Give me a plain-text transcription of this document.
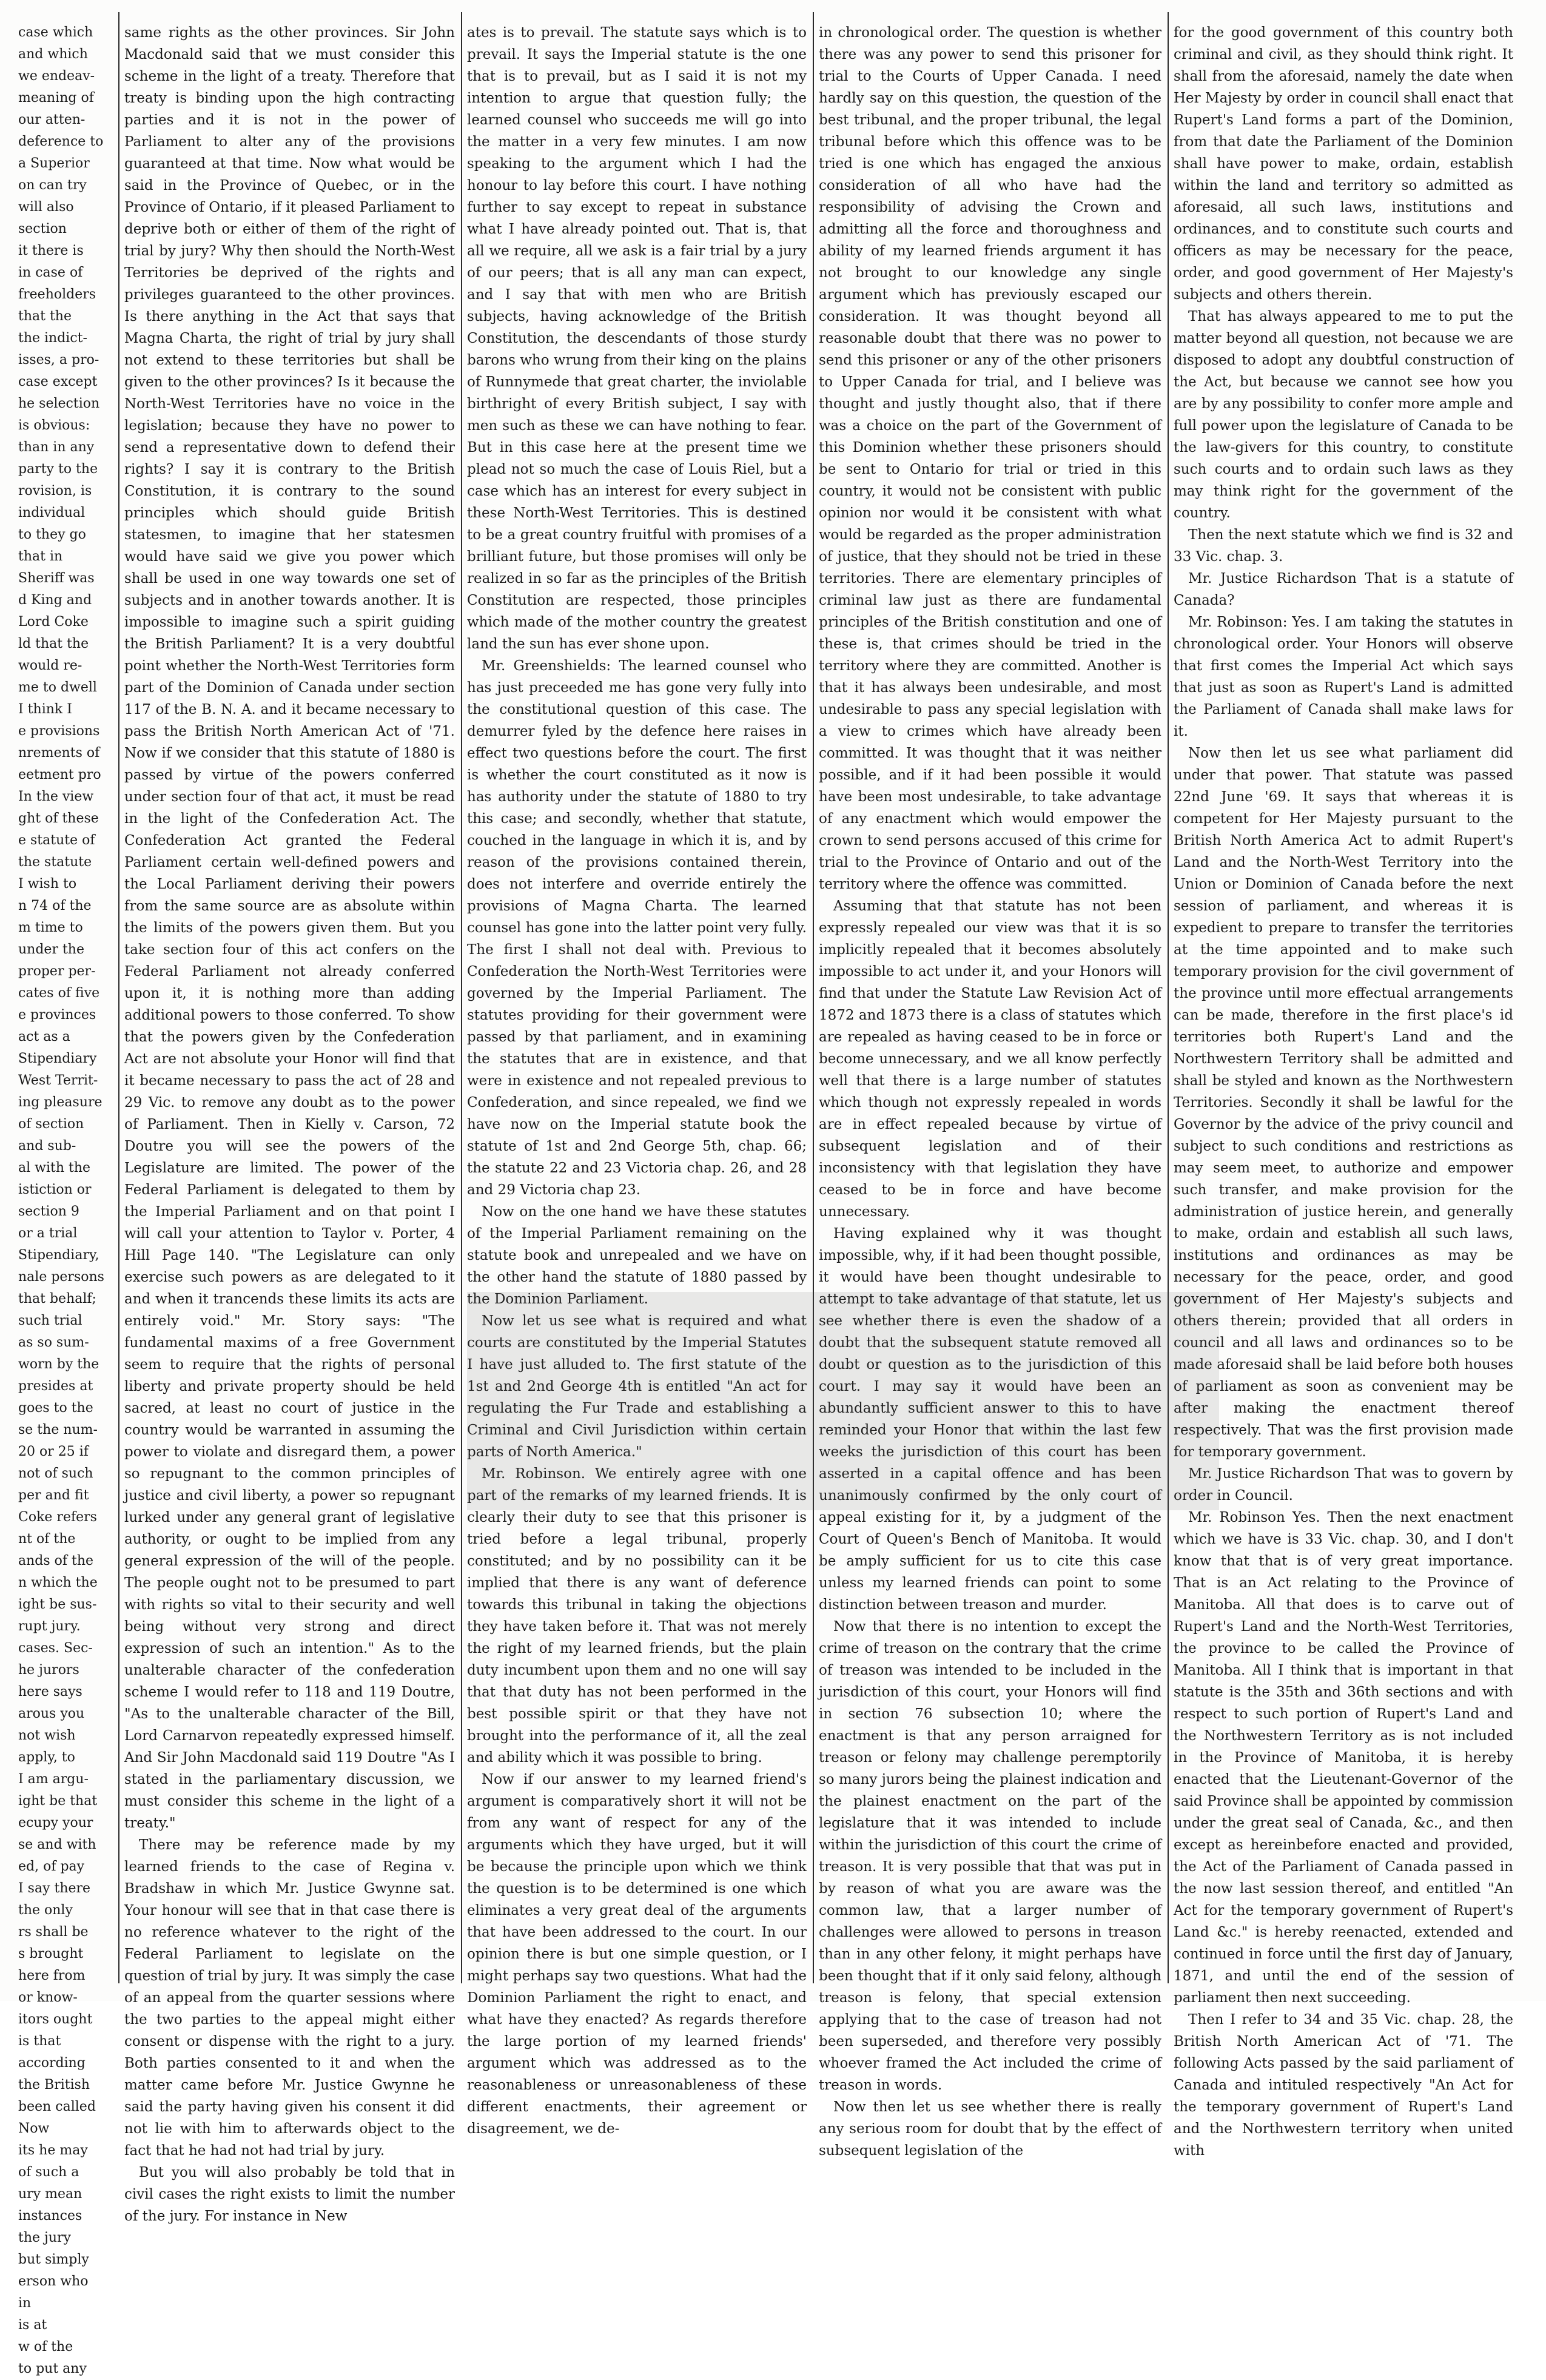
case which
and which
we endeav-
meaning of
our atten-
deference to
a Superior
on can try
will also
section
it there is
in case of
freeholders
that the
the indict-
isses, a pro-
case except
he selection
is obvious:
than in any
party to the
rovision, is
individual
to they go
that in
Sheriff was
d King and
Lord Coke
ld that the
would re-
me to dwell
I think I
e provisions
nrements of
eetment pro
In the view
ght of these
e statute of
the statute
I wish to
n 74 of the
m time to
under the
proper per-
cates of five
e provinces
act as a
Stipendiary
West Territ-
ing pleasure
of section
and sub-
al with the
istiction or
section 9
or a trial
Stipendiary,
nale persons
that behalf;
such trial
as so sum-
worn by the
presides at
goes to the
se the num-
20 or 25 if
not of such
per and fit
Coke refers
nt of the
ands of the
n which the
ight be sus-
rupt jury.
cases. Sec-
he jurors
here says
arous you
not wish
apply, to
I am argu-
ight be that
ecupy your
se and with
ed, of pay
I say there
the only
rs shall be
s brought
here from
or know-
itors ought
is that
according
the British
been called
Now
its he may
of such a
ury mean
instances
the jury
but simply
erson who
in
is at
w of the
to put any

same rights as the other provinces. Sir John Macdonald said that we must consider this scheme in the light of a treaty. Therefore that treaty is binding upon the high contracting parties and it is not in the power of Parliament to alter any of the provisions guaranteed at that time. Now what would be said in the Province of Quebec, or in the Province of Ontario, if it pleased Parliament to deprive both or either of them of the right of trial by jury? Why then should the North-West Territories be deprived of the rights and privileges guaranteed to the other provinces. Is there anything in the Act that says that Magna Charta, the right of trial by jury shall not extend to these territories but shall be given to the other provinces? Is it because the North-West Territories have no voice in the legislation; because they have no power to send a representative down to defend their rights? I say it is contrary to the British Constitution, it is contrary to the sound principles which should guide British statesmen, to imagine that her statesmen would have said we give you power which shall be used in one way towards one set of subjects and in another towards another. It is impossible to imagine such a spirit guiding the British Parliament? It is a very doubtful point whether the North-West Territories form part of the Dominion of Canada under section 117 of the B. N. A. and it became necessary to pass the British North American Act of '71. Now if we consider that this statute of 1880 is passed by virtue of the powers conferred under section four of that act, it must be read in the light of the Confederation Act. The Confederation Act granted the Federal Parliament certain well-defined powers and the Local Parliament deriving their powers from the same source are as absolute within the limits of the powers given them. But you take section four of this act confers on the Federal Parliament not already conferred upon it, it is nothing more than adding additional powers to those conferred. To show that the powers given by the Confederation Act are not absolute your Honor will find that it became necessary to pass the act of 28 and 29 Vic. to remove any doubt as to the power of Parliament. Then in Kielly v. Carson, 72 Doutre you will see the powers of the Legislature are limited. The power of the Federal Parliament is delegated to them by the Imperial Parliament and on that point I will call your attention to Taylor v. Porter, 4 Hill Page 140. "The Legislature can only exercise such powers as are delegated to it and when it trancends these limits its acts are entirely void." Mr. Story says: "The fundamental maxims of a free Government seem to require that the rights of personal liberty and private property should be held sacred, at least no court of justice in the country would be warranted in assuming the power to violate and disregard them, a power so repugnant to the common principles of justice and civil liberty, a power so repugnant lurked under any general grant of legislative authority, or ought to be implied from any general expression of the will of the people. The people ought not to be presumed to part with rights so vital to their security and well being without very strong and direct expression of such an intention." As to the unalterable character of the confederation scheme I would refer to 118 and 119 Doutre, "As to the unalterable character of the Bill, Lord Carnarvon repeatedly expressed himself. And Sir John Macdonald said 119 Doutre "As I stated in the parliamentary discussion, we must consider this scheme in the light of a treaty."

There may be reference made by my learned friends to the case of Regina v. Bradshaw in which Mr. Justice Gwynne sat. Your honour will see that in that case there is no reference whatever to the right of the Federal Parliament to legislate on the question of trial by jury. It was simply the case of an appeal from the quarter sessions where the two parties to the appeal might either consent or dispense with the right to a jury. Both parties consented to it and when the matter came before Mr. Justice Gwynne he said the party having given his consent it did not lie with him to afterwards object to the fact that he had not had trial by jury.

But you will also probably be told that in civil cases the right exists to limit the number of the jury. For instance in New

ates is to prevail. The statute says which is to prevail. It says the Imperial statute is the one that is to prevail, but as I said it is not my intention to argue that question fully; the learned counsel who succeeds me will go into the matter in a very few minutes. I am now speaking to the argument which I had the honour to lay before this court. I have nothing further to say except to repeat in substance what I have already pointed out. That is, that all we require, all we ask is a fair trial by a jury of our peers; that is all any man can expect, and I say that with men who are British subjects, having acknowledge of the British Constitution, the descendants of those sturdy barons who wrung from their king on the plains of Runnymede that great charter, the inviolable birthright of every British subject, I say with men such as these we can have nothing to fear. But in this case here at the present time we plead not so much the case of Louis Riel, but a case which has an interest for every subject in these North-West Territories. This is destined to be a great country fruitful with promises of a brilliant future, but those promises will only be realized in so far as the principles of the British Constitution are respected, those principles which made of the mother country the greatest land the sun has ever shone upon.

Mr. Greenshields: The learned counsel who has just preceeded me has gone very fully into the constitutional question of this case. The demurrer fyled by the defence here raises in effect two questions before the court. The first is whether the court constituted as it now is has authority under the statute of 1880 to try this case; and secondly, whether that statute, couched in the language in which it is, and by reason of the provisions contained therein, does not interfere and override entirely the provisions of Magna Charta. The learned counsel has gone into the latter point very fully. The first I shall not deal with. Previous to Confederation the North-West Territories were governed by the Imperial Parliament. The statutes providing for their government were passed by that parliament, and in examining the statutes that are in existence, and that were in existence and not repealed previous to Confederation, and since repealed, we find we have now on the Imperial statute book the statute of 1st and 2nd George 5th, chap. 66; the statute 22 and 23 Victoria chap. 26, and 28 and 29 Victoria chap 23.

Now on the one hand we have these statutes of the Imperial Parliament remaining on the statute book and unrepealed and we have on the other hand the statute of 1880 passed by the Dominion Parliament.

Now let us see what is required and what courts are constituted by the Imperial Statutes I have just alluded to. The first statute of the 1st and 2nd George 4th is entitled "An act for regulating the Fur Trade and establishing a Criminal and Civil Jurisdiction within certain parts of North America."

Mr. Robinson. We entirely agree with one part of the remarks of my learned friends. It is clearly their duty to see that this prisoner is tried before a legal tribunal, properly constituted; and by no possibility can it be implied that there is any want of deference towards this tribunal in taking the objections they have taken before it. That was not merely the right of my learned friends, but the plain duty incumbent upon them and no one will say that that duty has not been performed in the best possible spirit or that they have not brought into the performance of it, all the zeal and ability which it was possible to bring.

Now if our answer to my learned friend's argument is comparatively short it will not be from any want of respect for any of the arguments which they have urged, but it will be because the principle upon which we think the question is to be determined is one which eliminates a very great deal of the arguments that have been addressed to the court. In our opinion there is but one simple question, or I might perhaps say two questions. What had the Dominion Parliament the right to enact, and what have they enacted? As regards therefore the large portion of my learned friends' argument which was addressed as to the reasonableness or unreasonableness of these different enactments, their agreement or disagreement, we de-

in chronological order. The question is whether there was any power to send this prisoner for trial to the Courts of Upper Canada. I need hardly say on this question, the question of the best tribunal, and the proper tribunal, the legal tribunal before which this offence was to be tried is one which has engaged the anxious consideration of all who have had the responsibility of advising the Crown and admitting all the force and thoroughness and ability of my learned friends argument it has not brought to our knowledge any single argument which has previously escaped our consideration. It was thought beyond all reasonable doubt that there was no power to send this prisoner or any of the other prisoners to Upper Canada for trial, and I believe was thought and justly thought also, that if there was a choice on the part of the Government of this Dominion whether these prisoners should be sent to Ontario for trial or tried in this country, it would not be consistent with public opinion nor would it be consistent with what would be regarded as the proper administration of justice, that they should not be tried in these territories. There are elementary principles of criminal law just as there are fundamental principles of the British constitution and one of these is, that crimes should be tried in the territory where they are committed. Another is that it has always been undesirable, and most undesirable to pass any special legislation with a view to crimes which have already been committed. It was thought that it was neither possible, and if it had been possible it would have been most undesirable, to take advantage of any enactment which would empower the crown to send persons accused of this crime for trial to the Province of Ontario and out of the territory where the offence was committed.

Assuming that that statute has not been expressly repealed our view was that it is so implicitly repealed that it becomes absolutely impossible to act under it, and your Honors will find that under the Statute Law Revision Act of 1872 and 1873 there is a class of statutes which are repealed as having ceased to be in force or become unnecessary, and we all know perfectly well that there is a large number of statutes which though not expressly repealed in words are in effect repealed because by virtue of subsequent legislation and of their inconsistency with that legislation they have ceased to be in force and have become unnecessary.

Having explained why it was thought impossible, why, if it had been thought possible, it would have been thought undesirable to attempt to take advantage of that statute, let us see whether there is even the shadow of a doubt that the subsequent statute removed all doubt or question as to the jurisdiction of this court. I may say it would have been an abundantly sufficient answer to this to have reminded your Honor that within the last few weeks the jurisdiction of this court has been asserted in a capital offence and has been unanimously confirmed by the only court of appeal existing for it, by a judgment of the Court of Queen's Bench of Manitoba. It would be amply sufficient for us to cite this case unless my learned friends can point to some distinction between treason and murder.

Now that there is no intention to except the crime of treason on the contrary that the crime of treason was intended to be included in the jurisdiction of this court, your Honors will find in section 76 subsection 10; where the enactment is that any person arraigned for treason or felony may challenge peremptorily so many jurors being the plainest indication and the plainest enactment on the part of the legislature that it was intended to include within the jurisdiction of this court the crime of treason. It is very possible that that was put in by reason of what you are aware was the common law, that a larger number of challenges were allowed to persons in treason than in any other felony, it might perhaps have been thought that if it only said felony, although treason is felony, that special extension applying that to the case of treason had not been superseded, and therefore very possibly whoever framed the Act included the crime of treason in words.

Now then let us see whether there is really any serious room for doubt that by the effect of subsequent legislation of the

for the good government of this country both criminal and civil, as they should think right. It shall from the aforesaid, namely the date when Her Majesty by order in council shall enact that Rupert's Land forms a part of the Dominion, from that date the Parliament of the Dominion shall have power to make, ordain, establish within the land and territory so admitted as aforesaid, all such laws, institutions and ordinances, and to constitute such courts and officers as may be necessary for the peace, order, and good government of Her Majesty's subjects and others therein.

That has always appeared to me to put the matter beyond all question, not because we are disposed to adopt any doubtful construction of the Act, but because we cannot see how you are by any possibility to confer more ample and full power upon the legislature of Canada to be the law-givers for this country, to constitute such courts and to ordain such laws as they may think right for the government of the country.

Then the next statute which we find is 32 and 33 Vic. chap. 3.

Mr. Justice Richardson That is a statute of Canada?

Mr. Robinson: Yes. I am taking the statutes in chronological order. Your Honors will observe that first comes the Imperial Act which says that just as soon as Rupert's Land is admitted the Parliament of Canada shall make laws for it.

Now then let us see what parliament did under that power. That statute was passed 22nd June '69. It says that whereas it is competent for Her Majesty pursuant to the British North America Act to admit Rupert's Land and the North-West Territory into the Union or Dominion of Canada before the next session of parliament, and whereas it is expedient to prepare to transfer the territories at the time appointed and to make such temporary provision for the civil government of the province until more effectual arrangements can be made, therefore in the first place's id territories both Rupert's Land and the Northwestern Territory shall be admitted and shall be styled and known as the Northwestern Territories. Secondly it shall be lawful for the Governor by the advice of the privy council and subject to such conditions and restrictions as may seem meet, to authorize and empower such transfer, and make provision for the administration of justice herein, and generally to make, ordain and establish all such laws, institutions and ordinances as may be necessary for the peace, order, and good government of Her Majesty's subjects and others therein; provided that all orders in council and all laws and ordinances so to be made aforesaid shall be laid before both houses of parliament as soon as convenient may be after making the enactment thereof respectively. That was the first provision made for temporary government.

Mr. Justice Richardson That was to govern by order in Council.

Mr. Robinson Yes. Then the next enactment which we have is 33 Vic. chap. 30, and I don't know that that is of very great importance. That is an Act relating to the Province of Manitoba. All that does is to carve out of Rupert's Land and the North-West Territories, the province to be called the Province of Manitoba. All I think that is important in that statute is the 35th and 36th sections and with respect to such portion of Rupert's Land and the Northwestern Territory as is not included in the Province of Manitoba, it is hereby enacted that the Lieutenant-Governor of the said Province shall be appointed by commission under the great seal of Canada, &c., and then except as hereinbefore enacted and provided, the Act of the Parliament of Canada passed in the now last session thereof, and entitled "An Act for the temporary government of Rupert's Land &c." is hereby reenacted, extended and continued in force until the first day of January, 1871, and until the end of the session of parliament then next succeeding.

Then I refer to 34 and 35 Vic. chap. 28, the British North American Act of '71. The following Acts passed by the said parliament of Canada and intituled respectively "An Act for the temporary government of Rupert's Land and the Northwestern territory when united with
